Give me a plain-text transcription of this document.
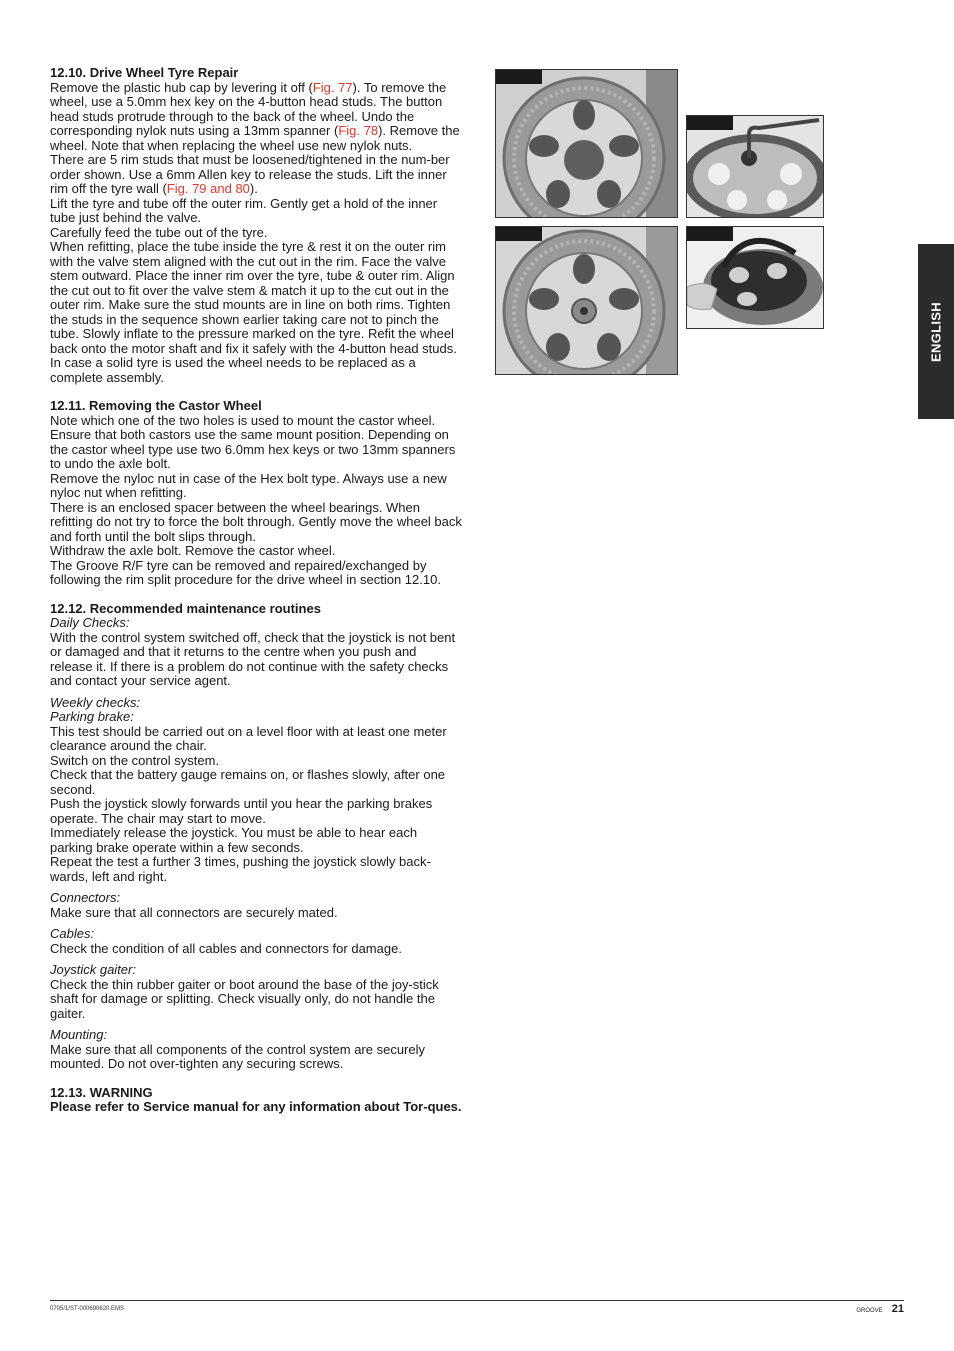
12.10. Drive Wheel Tyre Repair

Remove the plastic hub cap by levering it off (Fig. 77). To remove the wheel, use a 5.0mm hex key on the 4-button head studs. The button head studs protrude through to the back of the wheel. Undo the corresponding nylok nuts using a 13mm spanner (Fig. 78). Remove the wheel. Note that when replacing the wheel use new nylok nuts.

There are 5 rim studs that must be loosened/tightened in the num-ber order shown. Use a 6mm Allen key to release the studs. Lift the inner rim off the tyre wall (Fig. 79 and 80).

Lift the tyre and tube off the outer rim. Gently get a hold of the inner tube just behind the valve.

Carefully feed the tube out of the tyre.

When refitting, place the tube inside the tyre & rest it on the outer rim with the valve stem aligned with the cut out in the rim. Face the valve stem outward. Place the inner rim over the tyre, tube & outer rim. Align the cut out to fit over the valve stem & match it up to the cut out in the outer rim. Make sure the stud mounts are in line on both rims. Tighten the studs in the sequence shown earlier taking care not to pinch the tube. Slowly inflate to the pressure marked on the tyre. Refit the wheel back onto the motor shaft and fix it safely with the 4-button head studs.

In case a solid tyre is used the wheel needs to be replaced as a complete assembly.

12.11. Removing the Castor Wheel

Note which one of the two holes is used to mount the castor wheel. Ensure that both castors use the same mount position. Depending on the castor wheel type use two 6.0mm hex keys or two 13mm spanners to undo the axle bolt.

Remove the nyloc nut in case of the Hex bolt type. Always use a new nyloc nut when refitting.

There is an enclosed spacer between the wheel bearings. When refitting do not try to force the bolt through. Gently move the wheel back and forth until the bolt slips through.

Withdraw the axle bolt. Remove the castor wheel.

The Groove R/F tyre can be removed and repaired/exchanged by following the rim split procedure for the drive wheel in section 12.10.

12.12. Recommended maintenance routines

Daily Checks:

With the control system switched off, check that the joystick is not bent or damaged and that it returns to the centre when you push and release it. If there is a problem do not continue with the safety checks and contact your service agent.

Weekly checks:

Parking brake:

This test should be carried out on a level floor with at least one meter clearance around the chair.

Switch on the control system.

Check that the battery gauge remains on, or flashes slowly, after one second.

Push the joystick slowly forwards until you hear the parking brakes operate. The chair may start to move.

Immediately release the joystick. You must be able to hear each parking brake operate within a few seconds.

Repeat the test a further 3 times, pushing the joystick slowly back-wards, left and right.

Connectors:

Make sure that all connectors are securely mated.

Cables:

Check the condition of all cables and connectors for damage.

Joystick gaiter:

Check the thin rubber gaiter or boot around the base of the joy-stick shaft for damage or splitting. Check visually only, do not handle the gaiter.

Mounting:

Make sure that all components of the control system are securely mounted. Do not over-tighten any securing screws.

12.13. WARNING

Please refer to Service manual for any information about Tor-ques.

ENGLISH
0705/1/ST-000690620.EMS	GROOVE 21
